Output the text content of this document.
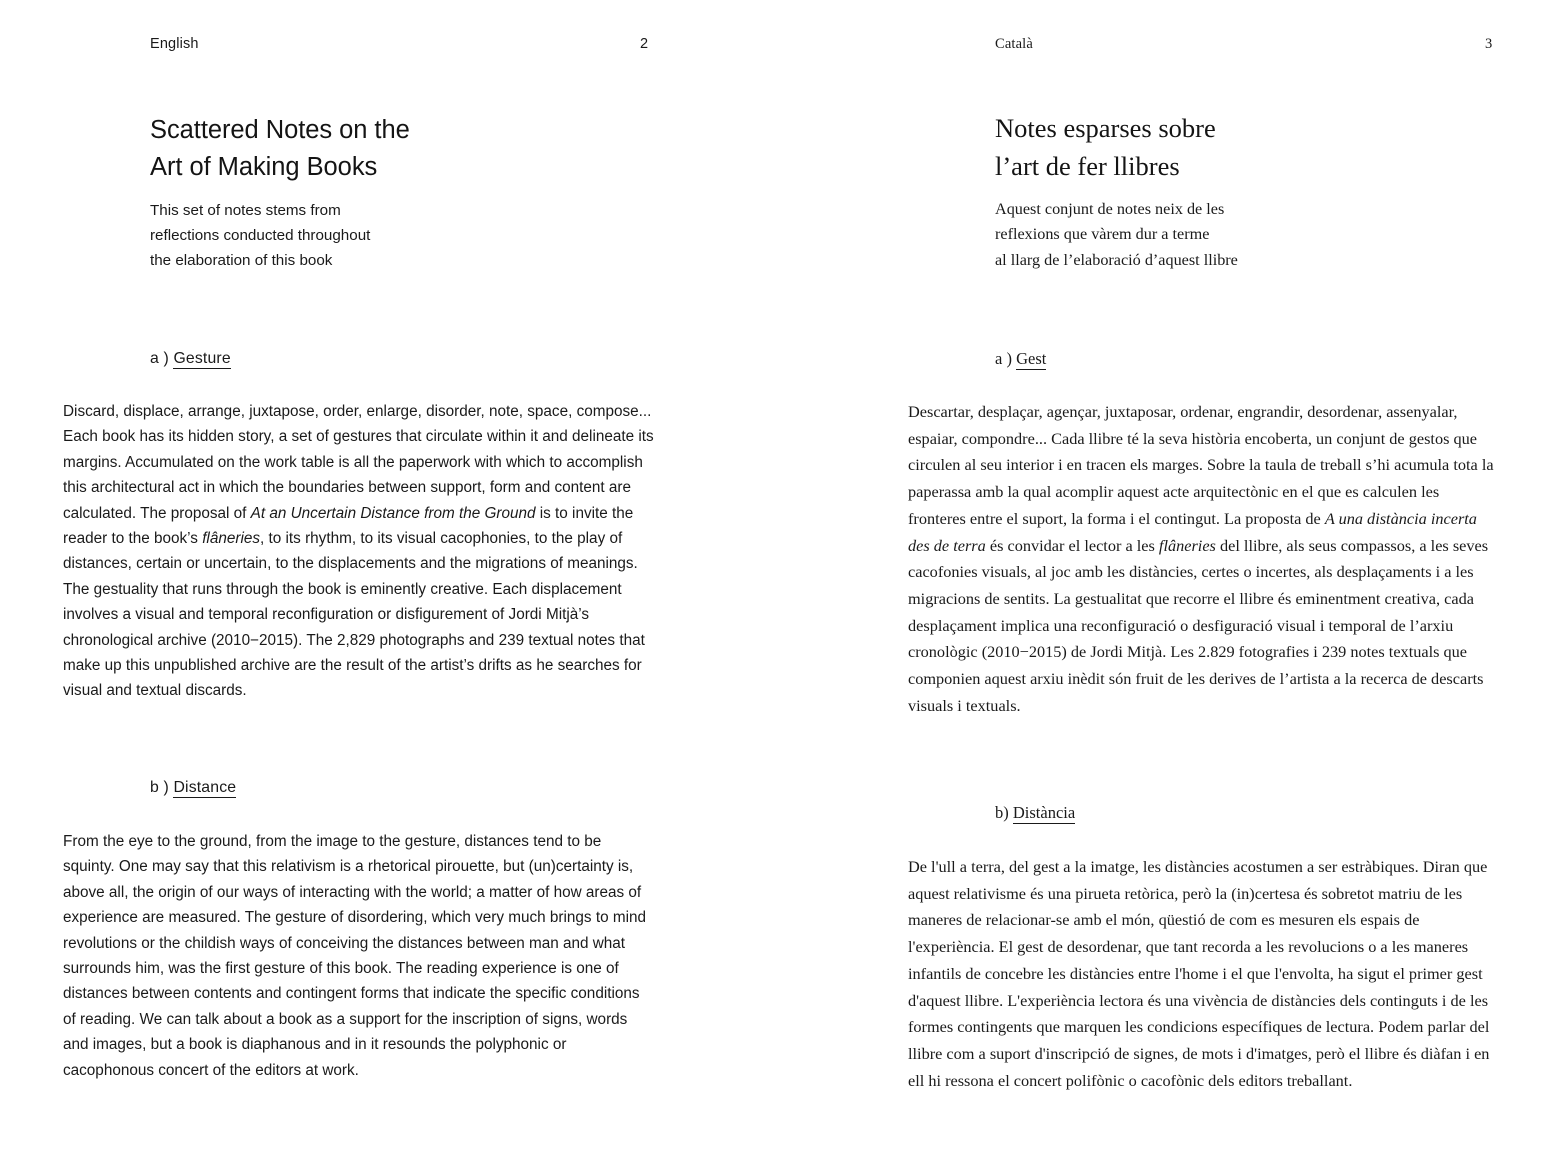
English	2
Scattered Notes on the
Art of Making Books
This set of notes stems from
reflections conducted throughout
the elaboration of this book
a ) Gesture
Discard, displace, arrange, juxtapose, order, enlarge, disorder, note, space, compose... Each book has its hidden story, a set of gestures that circulate within it and delineate its margins. Accumulated on the work table is all the paperwork with which to accomplish this architectural act in which the boundaries between support, form and content are calculated. The proposal of At an Uncertain Distance from the Ground is to invite the reader to the book’s flâneries, to its rhythm, to its visual cacophonies, to the play of distances, certain or uncertain, to the displacements and the migrations of meanings. The gestuality that runs through the book is eminently creative. Each displacement involves a visual and temporal reconfiguration or disfigurement of Jordi Mitjà’s chronological archive (2010−2015). The 2,829 photographs and 239 textual notes that make up this unpublished archive are the result of the artist’s drifts as he searches for visual and textual discards.
b ) Distance
From the eye to the ground, from the image to the gesture, distances tend to be squinty. One may say that this relativism is a rhetorical pirouette, but (un)certainty is, above all, the origin of our ways of interacting with the world; a matter of how areas of experience are measured. The gesture of disordering, which very much brings to mind revolutions or the childish ways of conceiving the distances between man and what surrounds him, was the first gesture of this book. The reading experience is one of distances between contents and contingent forms that indicate the specific conditions of reading. We can talk about a book as a support for the inscription of signs, words and images, but a book is diaphanous and in it resounds the polyphonic or cacophonous concert of the editors at work.
Català	3
Notes esparses sobre
l’art de fer llibres
Aquest conjunt de notes neix de les
reflexions que vàrem dur a terme
al llarg de l’elaboració d’aquest llibre
a ) Gest
Descartar, desplaçar, agençar, juxtaposar, ordenar, engrandir, desordenar, assenyalar, espaiar, compondre... Cada llibre té la seva història encoberta, un conjunt de gestos que circulen al seu interior i en tracen els marges. Sobre la taula de treball s’hi acumula tota la paperassa amb la qual acomplir aquest acte arquitectònic en el que es calculen les fronteres entre el suport, la forma i el contingut. La proposta de A una distància incerta des de terra és convidar el lector a les flâneries del llibre, als seus compassos, a les seves cacofonies visuals, al joc amb les distàncies, certes o incertes, als desplaçaments i a les migracions de sentits. La gestualitat que recorre el llibre és eminentment creativa, cada desplaçament implica una reconfiguració o desfiguració visual i temporal de l’arxiu cronològic (2010−2015) de Jordi Mitjà. Les 2.829 fotografies i 239 notes textuals que componien aquest arxiu inèdit són fruit de les derives de l’artista a la recerca de descarts visuals i textuals.
b) Distància
De l'ull a terra, del gest a la imatge, les distàncies acostumen a ser estràbiques. Diran que aquest relativisme és una pirueta retòrica, però la (in)certesa és sobretot matriu de les maneres de relacionar-se amb el món, qüestió de com es mesuren els espais de l'experiència. El gest de desordenar, que tant recorda a les revolucions o a les maneres infantils de concebre les distàncies entre l'home i el que l'envolta, ha sigut el primer gest d'aquest llibre. L'experiència lectora és una vivència de distàncies dels continguts i de les formes contingents que marquen les condicions específiques de lectura. Podem parlar del llibre com a suport d'inscripció de signes, de mots i d'imatges, però el llibre és diàfan i en ell hi ressona el concert polifònic o cacofònic dels editors treballant.
